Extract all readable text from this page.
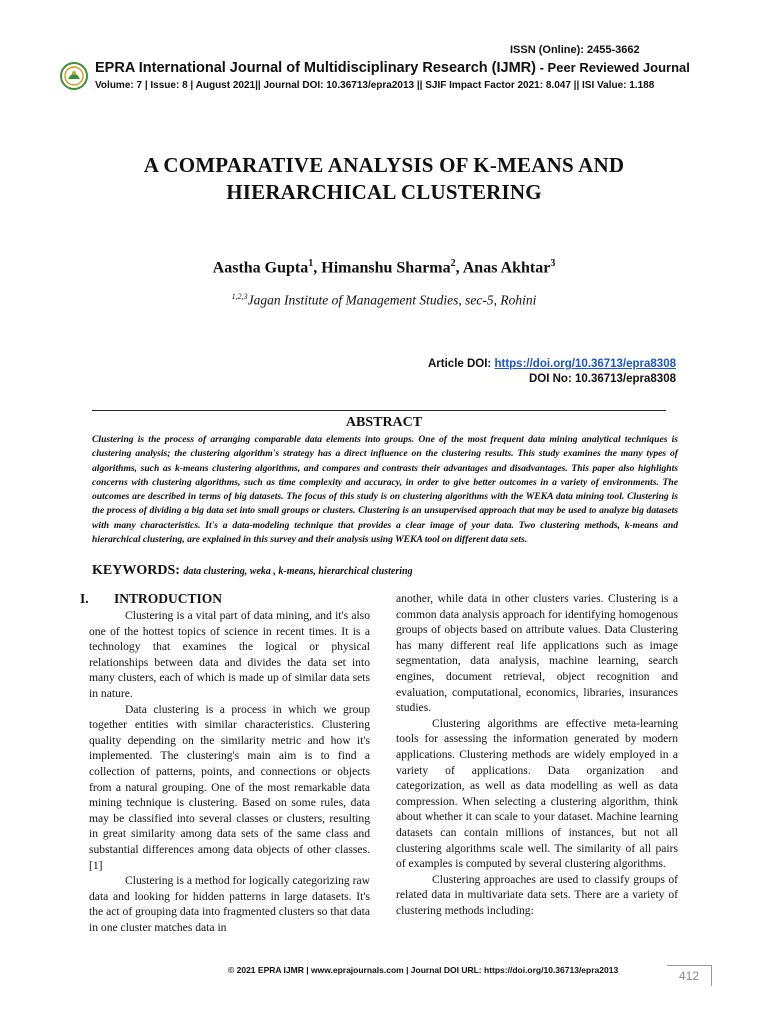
ISSN (Online): 2455-3662
EPRA International Journal of Multidisciplinary Research (IJMR) - Peer Reviewed Journal
Volume: 7 | Issue: 8 | August 2021|| Journal DOI: 10.36713/epra2013 || SJIF Impact Factor 2021: 8.047 || ISI Value: 1.188
A COMPARATIVE ANALYSIS OF K-MEANS AND
HIERARCHICAL CLUSTERING
Aastha Gupta$^1$, Himanshu Sharma$^2$, Anas Akhtar$^3$
$^{1,2,3}$Jagan Institute of Management Studies, sec-5, Rohini
Article DOI: https://doi.org/10.36713/epra8308
DOI No: 10.36713/epra8308
ABSTRACT
Clustering is the process of arranging comparable data elements into groups. One of the most frequent data mining analytical techniques is clustering analysis; the clustering algorithm's strategy has a direct influence on the clustering results. This study examines the many types of algorithms, such as k-means clustering algorithms, and compares and contrasts their advantages and disadvantages. This paper also highlights concerns with clustering algorithms, such as time complexity and accuracy, in order to give better outcomes in a variety of environments. The outcomes are described in terms of big datasets. The focus of this study is on clustering algorithms with the WEKA data mining tool. Clustering is the process of dividing a big data set into small groups or clusters. Clustering is an unsupervised approach that may be used to analyze big datasets with many characteristics. It's a data-modeling technique that provides a clear image of your data. Two clustering methods, k-means and hierarchical clustering, are explained in this survey and their analysis using WEKA tool on different data sets.
KEYWORDS: data clustering, weka , k-means, hierarchical clustering
I. INTRODUCTION

Clustering is a vital part of data mining, and it's also one of the hottest topics of science in recent times. It is a technology that examines the logical or physical relationships between data and divides the data set into many clusters, each of which is made up of similar data sets in nature.

Data clustering is a process in which we group together entities with similar characteristics. Clustering quality depending on the similarity metric and how it's implemented. The clustering's main aim is to find a collection of patterns, points, and connections or objects from a natural grouping. One of the most remarkable data mining technique is clustering. Based on some rules, data may be classified into several classes or clusters, resulting in great similarity among data sets of the same class and substantial differences among data objects of other classes. [1]

Clustering is a method for logically categorizing raw data and looking for hidden patterns in large datasets. It's the act of grouping data into fragmented clusters so that data in one cluster matches data in

another, while data in other clusters varies. Clustering is a common data analysis approach for identifying homogenous groups of objects based on attribute values. Data Clustering has many different real life applications such as image segmentation, data analysis, machine learning, search engines, document retrieval, object recognition and evaluation, computational, economics, libraries, insurances studies.

Clustering algorithms are effective meta-learning tools for assessing the information generated by modern applications. Clustering methods are widely employed in a variety of applications. Data organization and categorization, as well as data modelling as well as data compression. When selecting a clustering algorithm, think about whether it can scale to your dataset. Machine learning datasets can contain millions of instances, but not all clustering algorithms scale well. The similarity of all pairs of examples is computed by several clustering algorithms.

Clustering approaches are used to classify groups of related data in multivariate data sets. There are a variety of clustering methods including:

© 2021 EPRA IJMR | www.eprajournals.com | Journal DOI URL: https://doi.org/10.36713/epra2013	412
